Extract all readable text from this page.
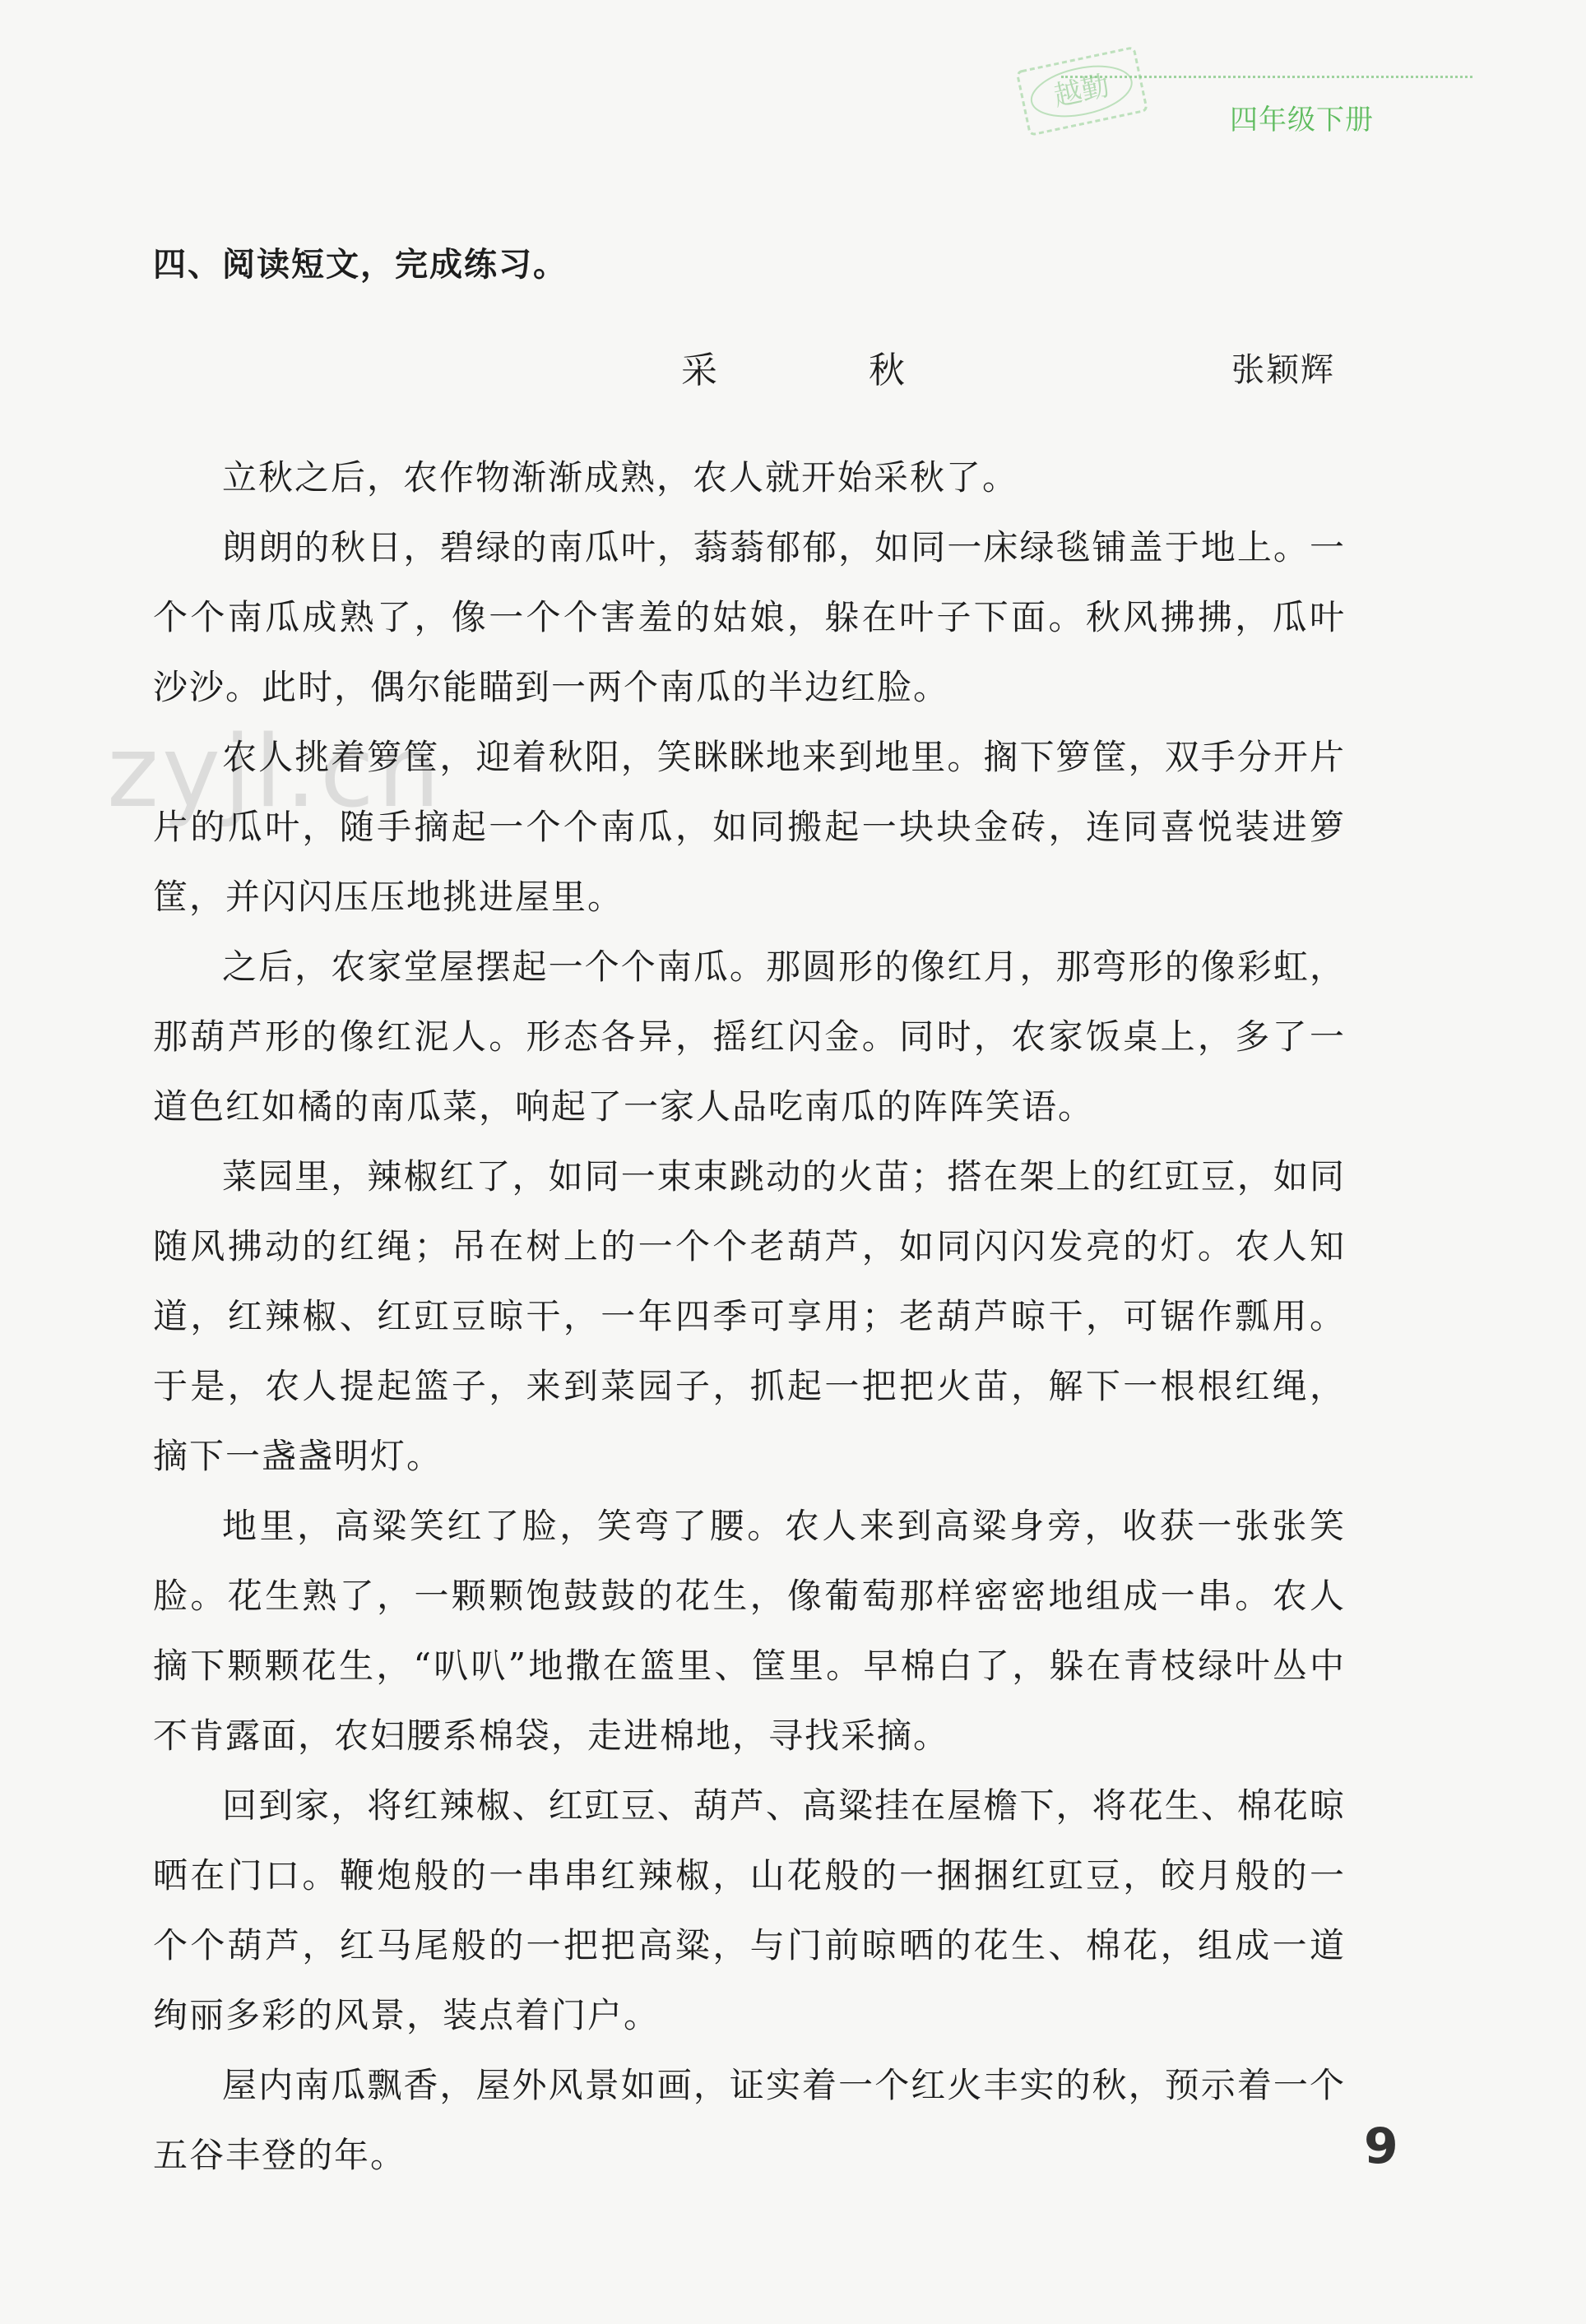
越勤
四年级下册
四、阅读短文，完成练习。
采　秋	张颖辉
zyjl.cn

立秋之后，农作物渐渐成熟，农人就开始采秋了。

朗朗的秋日，碧绿的南瓜叶，蓊蓊郁郁，如同一床绿毯铺盖于地上。一个个南瓜成熟了，像一个个害羞的姑娘，躲在叶子下面。秋风拂拂，瓜叶沙沙。此时，偶尔能瞄到一两个南瓜的半边红脸。

农人挑着箩筐，迎着秋阳，笑眯眯地来到地里。搁下箩筐，双手分开片片的瓜叶，随手摘起一个个南瓜，如同搬起一块块金砖，连同喜悦装进箩筐，并闪闪压压地挑进屋里。

之后，农家堂屋摆起一个个南瓜。那圆形的像红月，那弯形的像彩虹，那葫芦形的像红泥人。形态各异，摇红闪金。同时，农家饭桌上，多了一道色红如橘的南瓜菜，响起了一家人品吃南瓜的阵阵笑语。

菜园里，辣椒红了，如同一束束跳动的火苗；搭在架上的红豇豆，如同随风拂动的红绳；吊在树上的一个个老葫芦，如同闪闪发亮的灯。农人知道，红辣椒、红豇豆晾干，一年四季可享用；老葫芦晾干，可锯作瓢用。于是，农人提起篮子，来到菜园子，抓起一把把火苗，解下一根根红绳，摘下一盏盏明灯。

地里，高粱笑红了脸，笑弯了腰。农人来到高粱身旁，收获一张张笑脸。花生熟了，一颗颗饱鼓鼓的花生，像葡萄那样密密地组成一串。农人摘下颗颗花生，“叭叭”地撒在篮里、筐里。早棉白了，躲在青枝绿叶丛中不肯露面，农妇腰系棉袋，走进棉地，寻找采摘。

回到家，将红辣椒、红豇豆、葫芦、高粱挂在屋檐下，将花生、棉花晾晒在门口。鞭炮般的一串串红辣椒，山花般的一捆捆红豇豆，皎月般的一个个葫芦，红马尾般的一把把高粱，与门前晾晒的花生、棉花，组成一道绚丽多彩的风景，装点着门户。

屋内南瓜飘香，屋外风景如画，证实着一个红火丰实的秋，预示着一个五谷丰登的年。	9
